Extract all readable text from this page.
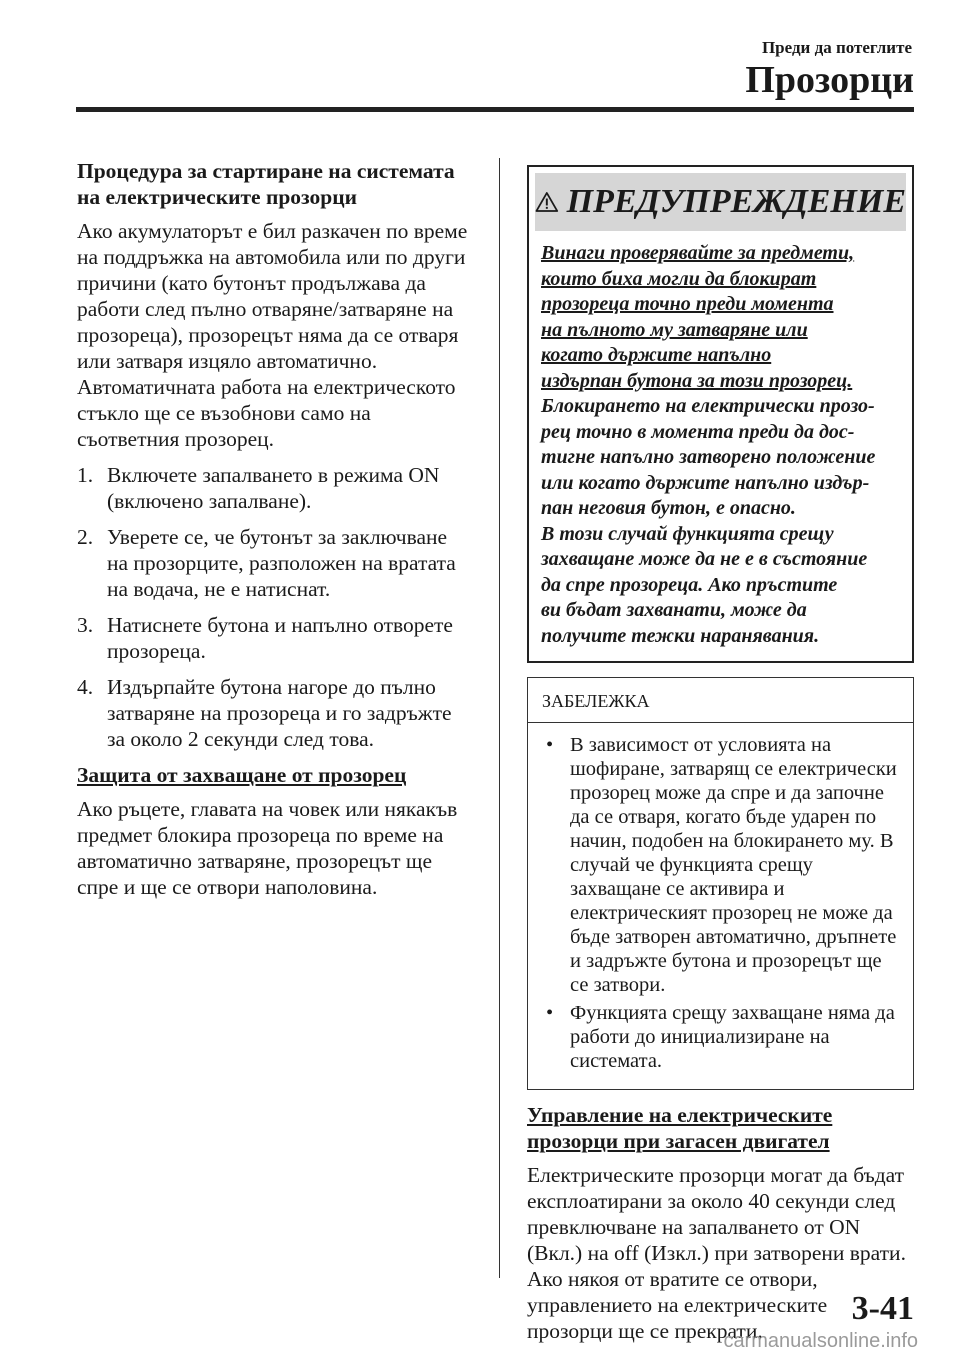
Преди да потеглите
Прозорци
Процедура за стартиране на системата на електрическите прозорци

Ако акумулаторът е бил разкачен по време на поддръжка на автомобила или по други причини (като бутонът продължава да работи след пълно отваряне/затваряне на прозореца), прозорецът няма да се отваря или затваря изцяло автоматично. Автоматичната работа на електрическото стъкло ще се възобнови само на съответния прозорец.

1. Включете запалването в режима ON (включено запалване).
2. Уверете се, че бутонът за заключване на прозорците, разположен на вратата на водача, не е натиснат.
3. Натиснете бутона и напълно отворете прозореца.
4. Издърпайте бутона нагоре до пълно затваряне на прозореца и го задръжте за около 2 секунди след това.
Защита от захващане от прозорец

Ако ръцете, главата на човек или някакъв предмет блокира прозореца по време на автоматично затваряне, прозорецът ще спре и ще се отвори наполовина.

ПРЕДУПРЕЖДЕНИЕ
Винаги проверявайте за предмети,
които биха могли да блокират
прозореца точно преди момента
на пълното му затваряне или
когато държите напълно
издърпан бутона за този прозорец.
Блокирането на електрически прозо-
рец точно в момента преди да дос-
тигне напълно затворено положение
или когато държите напълно издър-
пан неговия бутон, е опасно.
В този случай функцията срещу
захващане може да не е в състояние
да спре прозореца. Ако пръстите
ви бъдат захванати, може да
получите тежки наранявания.
ЗАБЕЛЕЖКА
• В зависимост от условията на шофиране, затварящ се електрически прозорец може да спре и да започне да се отваря, когато бъде ударен по начин, подобен на блокирането му. В случай че функцията срещу захващане се активира и електрическият прозорец не може да бъде затворен автоматично, дръпнете и задръжте бутона и прозорецът ще се затвори.
• Функцията срещу захващане няма да работи до инициализиране на системата.
Управление на електрическите прозорци при загасен двигател

Електрическите прозорци могат да бъдат експлоатирани за около 40 секунди след превключване на запалването от ON (Вкл.) на off (Изкл.) при затворени врати. Ако някоя от вратите се отвори, управлението на електрическите прозорци ще се прекрати.

3-41
carmanualsonline.info
